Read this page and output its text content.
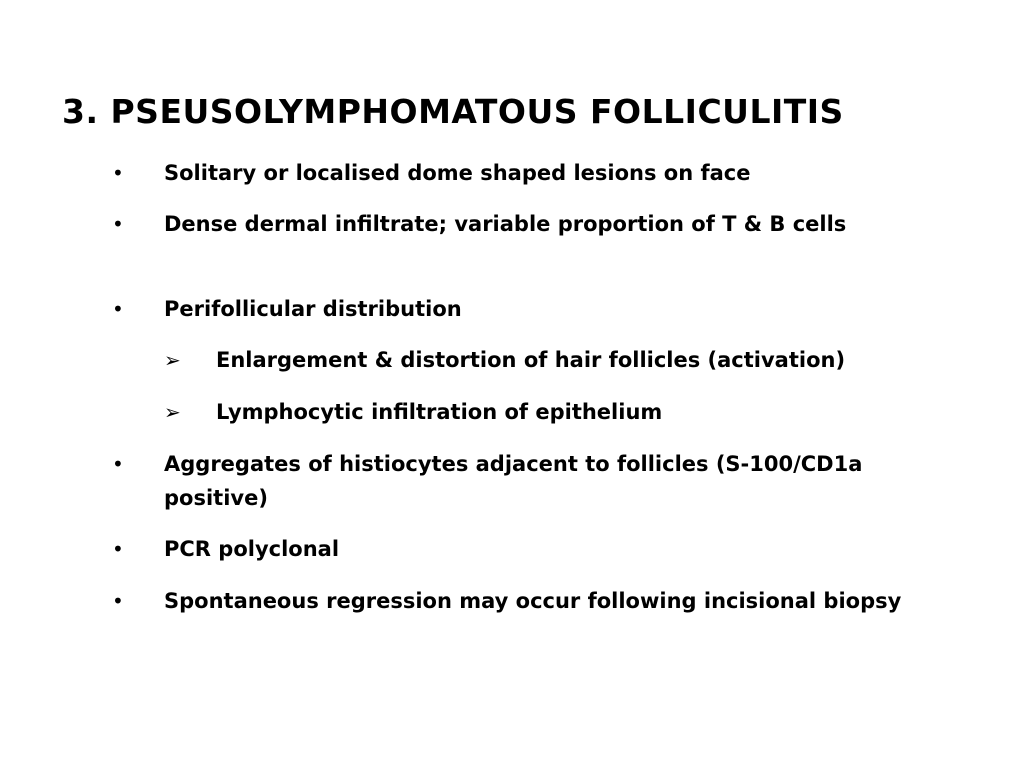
3. PSEUSOLYMPHOMATOUS FOLLICULITIS
• Solitary or localised dome shaped lesions on face
• Dense dermal infiltrate; variable proportion of T & B cells
• Perifollicular distribution
➢ Enlargement & distortion of hair follicles (activation)
➢ Lymphocytic infiltration of epithelium
• Aggregates of histiocytes adjacent to follicles (S-100/CD1a positive)
• PCR polyclonal
• Spontaneous regression may occur following incisional biopsy
